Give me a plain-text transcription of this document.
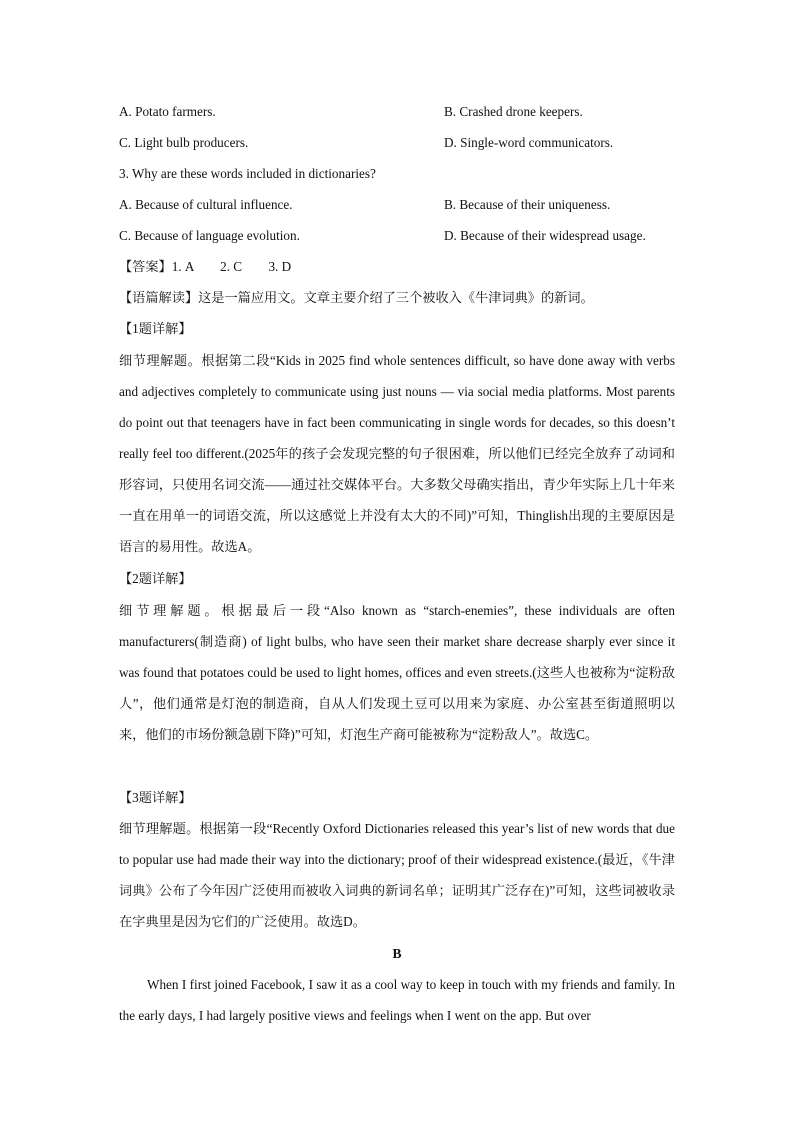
A. Potato farmers.	B. Crashed drone keepers.
C. Light bulb producers.	D. Single-word communicators.
3. Why are these words included in dictionaries?
A. Because of cultural influence.	B. Because of their uniqueness.
C. Because of language evolution.	D. Because of their widespread usage.
【答案】1. A        2. C        3. D
【语篇解读】这是一篇应用文。文章主要介绍了三个被收入《牛津词典》的新词。
【1题详解】
细节理解题。根据第二段“Kids in 2025 find whole sentences difficult, so have done away with verbs and adjectives completely to communicate using just nouns — via social media platforms. Most parents do point out that teenagers have in fact been communicating in single words for decades, so this doesn’t really feel too different.(2025年的孩子会发现完整的句子很困难，所以他们已经完全放弃了动词和形容词，只使用名词交流——通过社交媒体平台。大多数父母确实指出，青少年实际上几十年来一直在用单一的词语交流，所以这感觉上并没有太大的不同)”可知，Thinglish出现的主要原因是语言的易用性。故选A。
【2题详解】
细节理解题。根据最后一段“Also known as “starch-enemies”, these individuals are often manufacturers(制造商) of light bulbs, who have seen their market share decrease sharply ever since it was found that potatoes could be used to light homes, offices and even streets.(这些人也被称为“淀粉敌人”，他们通常是灯泡的制造商，自从人们发现土豆可以用来为家庭、办公室甚至街道照明以来，他们的市场份额急剧下降)”可知，灯泡生产商可能被称为“淀粉敌人”。故选C。
【3题详解】
细节理解题。根据第一段“Recently Oxford Dictionaries released this year’s list of new words that due to popular use had made their way into the dictionary; proof of their widespread existence.(最近，《牛津词典》公布了今年因广泛使用而被收入词典的新词名单；证明其广泛存在)”可知，这些词被收录在字典里是因为它们的广泛使用。故选D。
B
When I first joined Facebook, I saw it as a cool way to keep in touch with my friends and family. In the early days, I had largely positive views and feelings when I went on the app. But over
